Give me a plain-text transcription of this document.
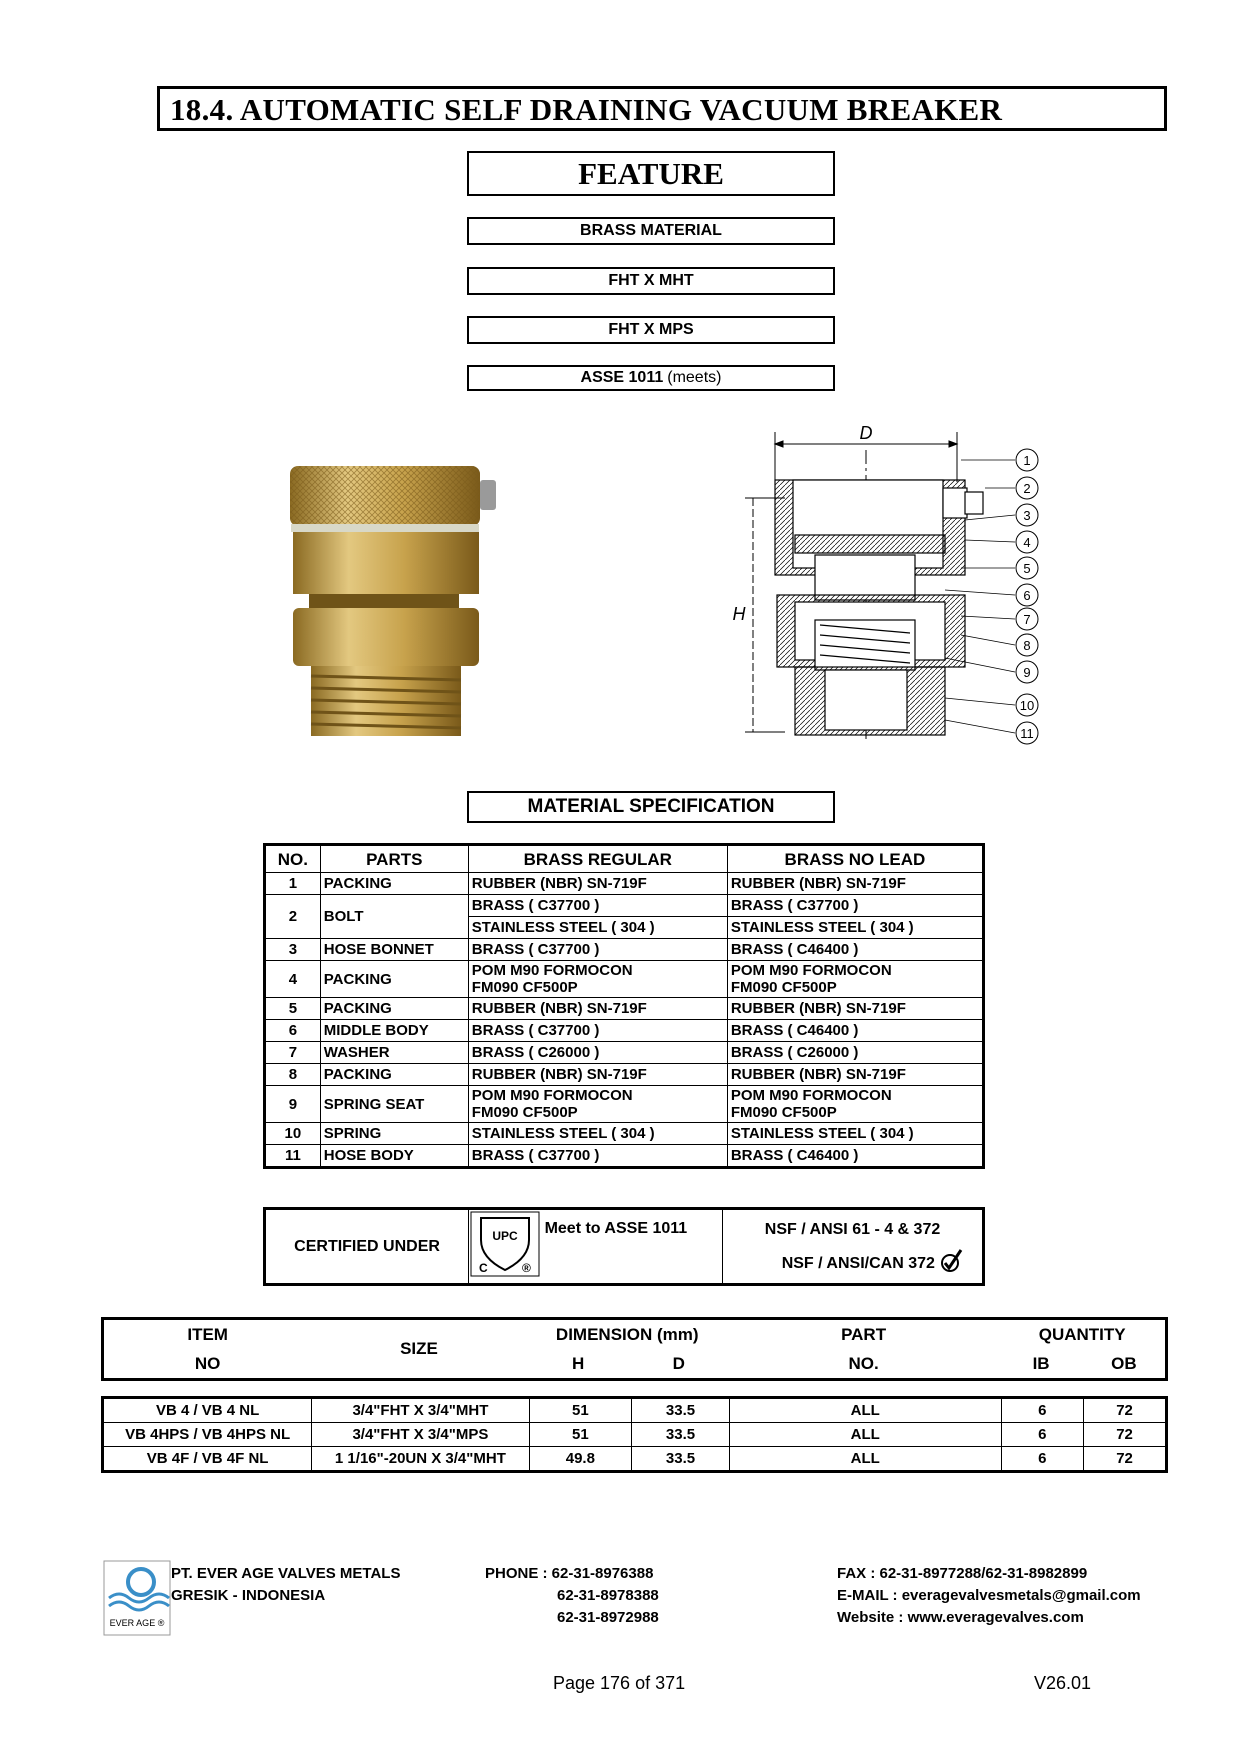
18.4. AUTOMATIC SELF DRAINING VACUUM BREAKER
FEATURE
BRASS MATERIAL
FHT X MHT
FHT X MPS
ASSE 1011 (meets)
D
H
1
2
3
4
5
6
7
8
9
10
11
MATERIAL SPECIFICATION
NO.	PARTS	BRASS REGULAR	BRASS NO LEAD
1	PACKING	RUBBER (NBR) SN-719F	RUBBER (NBR) SN-719F
2	BOLT	BRASS ( C37700 )	BRASS ( C37700 )
		STAINLESS STEEL ( 304 )	STAINLESS STEEL ( 304 )
3	HOSE BONNET	BRASS ( C37700 )	BRASS ( C46400 )
4	PACKING	POM M90 FORMOCON FM090 CF500P	POM M90 FORMOCON FM090 CF500P
5	PACKING	RUBBER (NBR) SN-719F	RUBBER (NBR) SN-719F
6	MIDDLE BODY	BRASS ( C37700 )	BRASS ( C46400 )
7	WASHER	BRASS ( C26000 )	BRASS ( C26000 )
8	PACKING	RUBBER (NBR) SN-719F	RUBBER (NBR) SN-719F
9	SPRING SEAT	POM M90 FORMOCON FM090 CF500P	POM M90 FORMOCON FM090 CF500P
10	SPRING	STAINLESS STEEL ( 304 )	STAINLESS STEEL ( 304 )
11	HOSE BODY	BRASS ( C37700 )	BRASS ( C46400 )
CERTIFIED UNDER	
UPC
C	®
	Meet to ASSE 1011	NSF / ANSI 61 - 4 & 372
NSF / ANSI/CAN 372
ITEM	SIZE	DIMENSION (mm)		PART	QUANTITY	
NO		H	D	NO.	IB	OB
VB 4 / VB 4 NL	3/4"FHT X 3/4"MHT	51	33.5	ALL	6	72
VB 4HPS / VB 4HPS NL	3/4"FHT X 3/4"MPS	51	33.5	ALL	6	72
VB 4F / VB 4F NL	1 1/16"-20UN X 3/4"MHT	49.8	33.5	ALL	6	72
EVER AGE ®
PT. EVER AGE VALVES METALS
GRESIK - INDONESIA
PHONE : 62-31-8976388
62-31-8978388
62-31-8972988
FAX : 62-31-8977288/62-31-8982899
E-MAIL : everagevalvesmetals@gmail.com
Website : www.everagevalves.com
Page 176 of 371	V26.01
